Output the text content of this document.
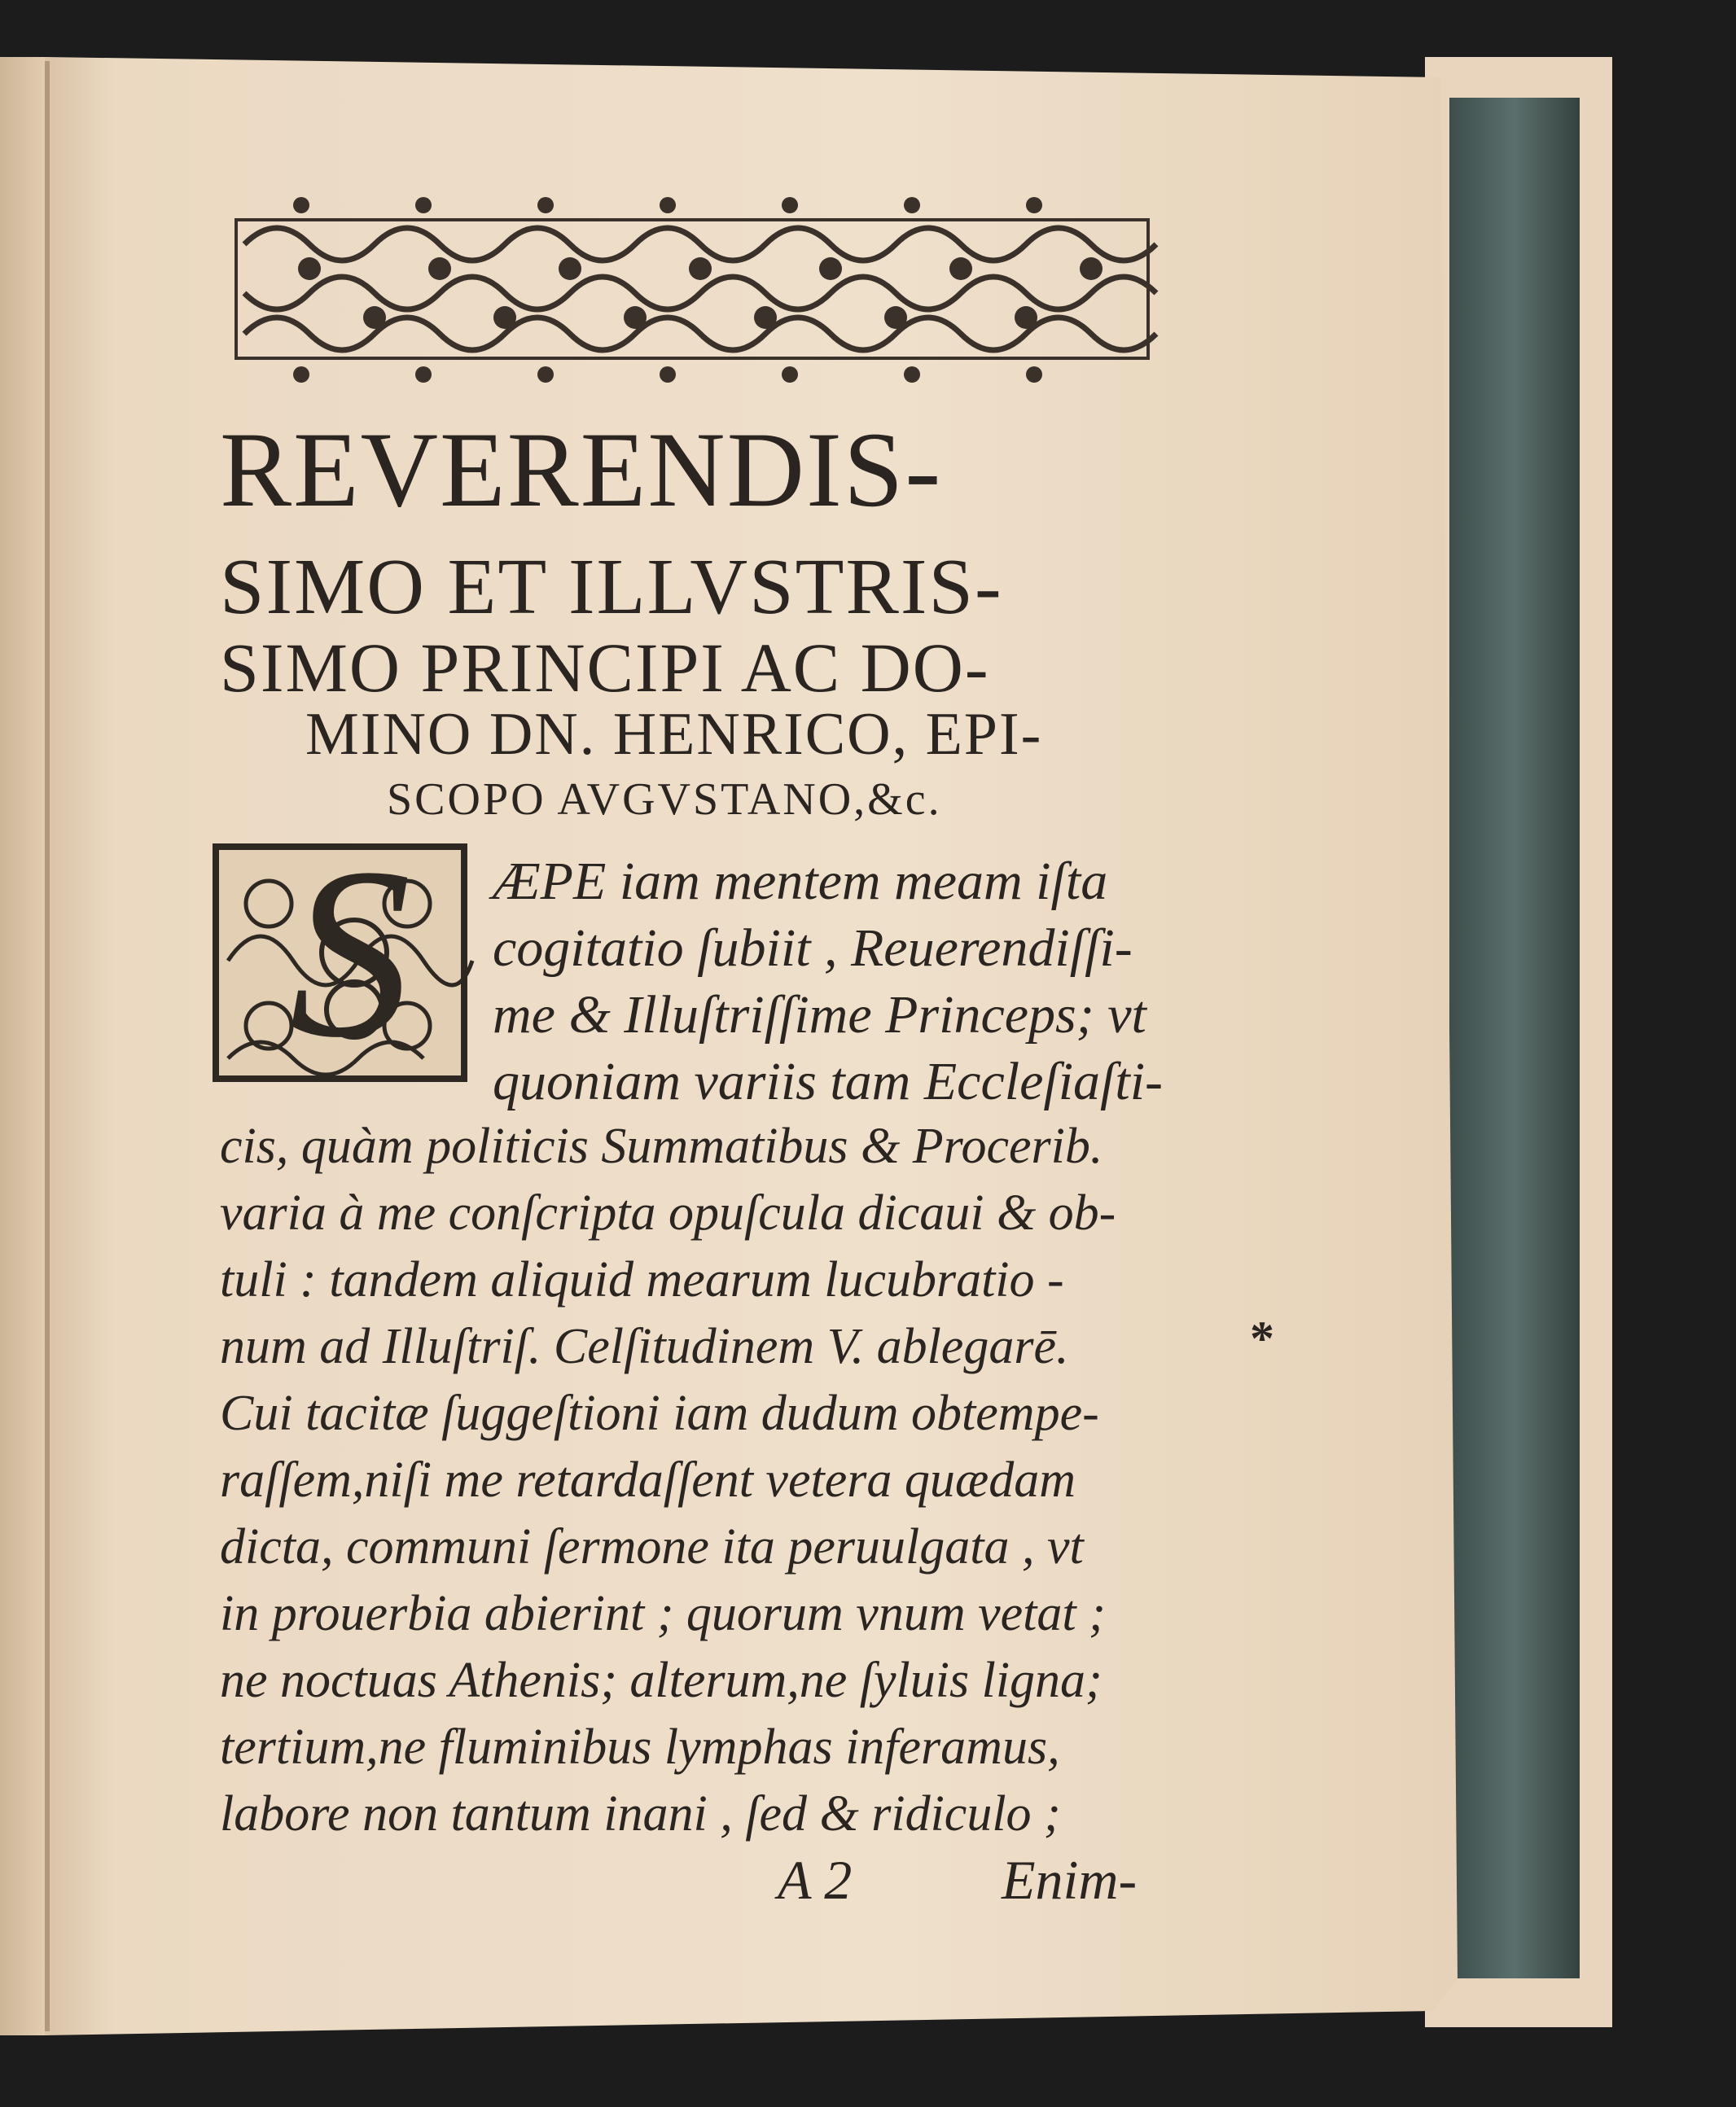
REVERENDIS-
SIMO ET ILLVSTRIS-
SIMO PRINCIPI AC DO-
MINO DN. HENRICO, EPI-
SCOPO AVGVSTANO,&c.
S ÆPE iam mentem meam iſta
cogitatio ſubiit , Reuerendiſſi-
me & Illuſtriſſime Princeps; vt
quoniam variis tam Eccleſiaſti-
cis, quàm politicis Summatibus & Procerib.
varia à me conſcripta opuſcula dicaui & ob-
tuli : tandem aliquid mearum lucubratio -
num ad Illuſtriſ. Celſitudinem V. ablegarē.
Cui tacitæ ſuggeſtioni iam dudum obtempe-
raſſem,niſi me retardaſſent vetera quædam
dicta, communi ſermone ita peruulgata , vt
in prouerbia abierint ; quorum vnum vetat ;
ne noctuas Athenis; alterum,ne ſyluis ligna;
tertium,ne fluminibus lymphas inferamus,
labore non tantum inani , ſed & ridiculo ;
A 2	Enim-
*
